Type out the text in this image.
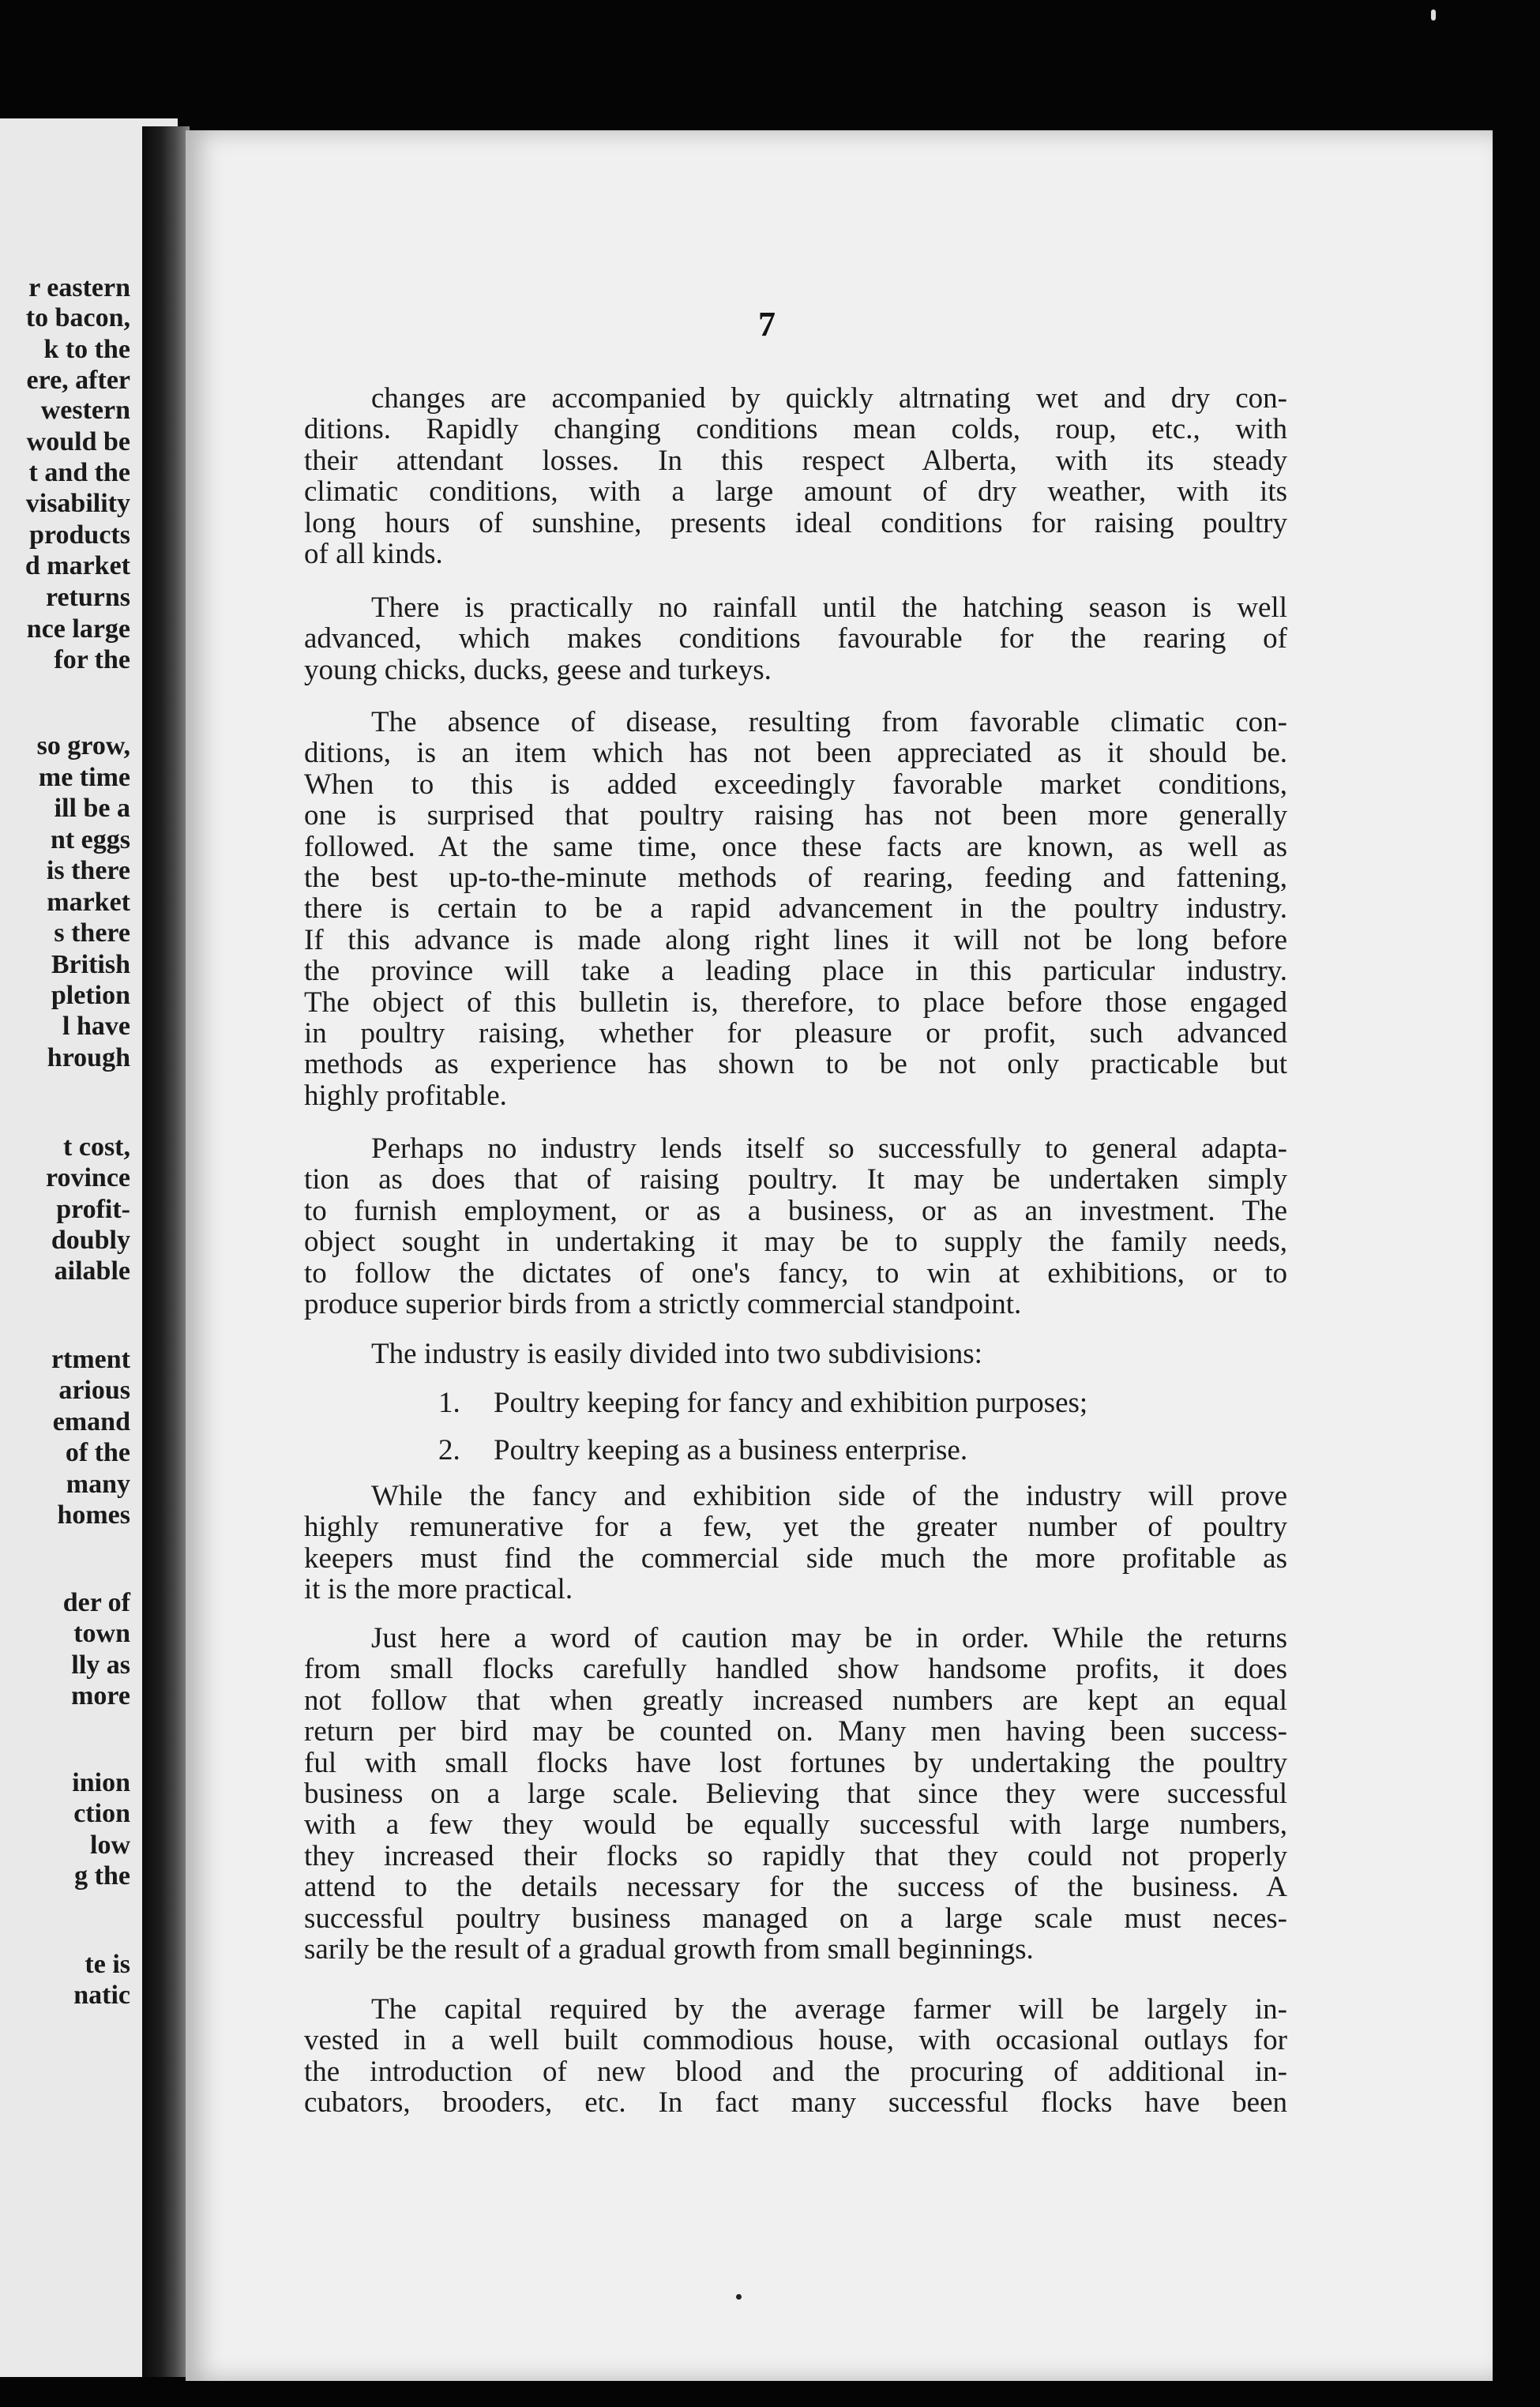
r eastern
to bacon,
k to the
ere, after
western
would be
t and the
visability
products
d market
returns
nce large
for the
so grow,
me time
ill be a
nt eggs
is there
market
s there
British
pletion
l have
hrough
t cost,
rovince
profit-
doubly
ailable
rtment
arious
emand
of the
many
homes
der of
town
lly as
more
inion
ction
low
g the
te is
natic
7

changes are accompanied by quickly altrnating wet and dry con-

ditions. Rapidly changing conditions mean colds, roup, etc., with

their attendant losses. In this respect Alberta, with its steady

climatic conditions, with a large amount of dry weather, with its

long hours of sunshine, presents ideal conditions for raising poultry

of all kinds.

There is practically no rainfall until the hatching season is well

advanced, which makes conditions favourable for the rearing of

young chicks, ducks, geese and turkeys.

The absence of disease, resulting from favorable climatic con-

ditions, is an item which has not been appreciated as it should be.

When to this is added exceedingly favorable market conditions,

one is surprised that poultry raising has not been more generally

followed. At the same time, once these facts are known, as well as

the best up-to-the-minute methods of rearing, feeding and fattening,

there is certain to be a rapid advancement in the poultry industry.

If this advance is made along right lines it will not be long before

the province will take a leading place in this particular industry.

The object of this bulletin is, therefore, to place before those engaged

in poultry raising, whether for pleasure or profit, such advanced

methods as experience has shown to be not only practicable but

highly profitable.

Perhaps no industry lends itself so successfully to general adapta-

tion as does that of raising poultry. It may be undertaken simply

to furnish employment, or as a business, or as an investment. The

object sought in undertaking it may be to supply the family needs,

to follow the dictates of one's fancy, to win at exhibitions, or to

produce superior birds from a strictly commercial standpoint.

The industry is easily divided into two subdivisions:

While the fancy and exhibition side of the industry will prove

highly remunerative for a few, yet the greater number of poultry

keepers must find the commercial side much the more profitable as

it is the more practical.

Just here a word of caution may be in order. While the returns

from small flocks carefully handled show handsome profits, it does

not follow that when greatly increased numbers are kept an equal

return per bird may be counted on. Many men having been success-

ful with small flocks have lost fortunes by undertaking the poultry

business on a large scale. Believing that since they were successful

with a few they would be equally successful with large numbers,

they increased their flocks so rapidly that they could not properly

attend to the details necessary for the success of the business. A

successful poultry business managed on a large scale must neces-

sarily be the result of a gradual growth from small beginnings.

The capital required by the average farmer will be largely in-

vested in a well built commodious house, with occasional outlays for

the introduction of new blood and the procuring of additional in-

cubators, brooders, etc. In fact many successful flocks have been

1. Poultry keeping for fancy and exhibition purposes;
2. Poultry keeping as a business enterprise.
